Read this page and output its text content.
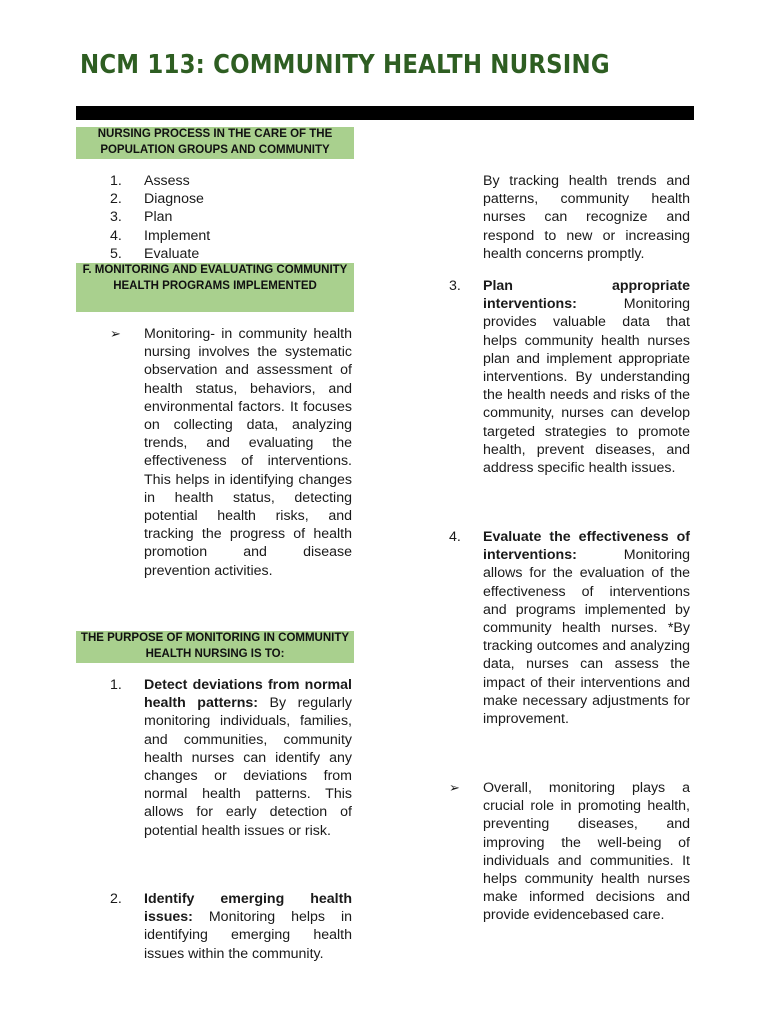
NCM 113: COMMUNITY HEALTH NURSING
NURSING PROCESS IN THE CARE OF THE POPULATION GROUPS AND COMMUNITY
1. Assess
2. Diagnose
3. Plan
4. Implement
5. Evaluate
F. MONITORING AND EVALUATING COMMUNITY HEALTH PROGRAMS IMPLEMENTED
➢ Monitoring- in community health nursing involves the systematic observation and assessment of health status, behaviors, and environmental factors. It focuses on collecting data, analyzing trends, and evaluating the effectiveness of interventions. This helps in identifying changes in health status, detecting potential health risks, and tracking the progress of health promotion and disease prevention activities.
THE PURPOSE OF MONITORING IN COMMUNITY HEALTH NURSING IS TO:
1. Detect deviations from normal health patterns: By regularly monitoring individuals, families, and communities, community health nurses can identify any changes or deviations from normal health patterns. This allows for early detection of potential health issues or risk.
2. Identify emerging health issues: Monitoring helps in identifying emerging health issues within the community.
By tracking health trends and patterns, community health nurses can recognize and respond to new or increasing health concerns promptly.
3. Plan appropriate interventions: Monitoring provides valuable data that helps community health nurses plan and implement appropriate interventions. By understanding the health needs and risks of the community, nurses can develop targeted strategies to promote health, prevent diseases, and address specific health issues.
4. Evaluate the effectiveness of interventions: Monitoring allows for the evaluation of the effectiveness of interventions and programs implemented by community health nurses. *By tracking outcomes and analyzing data, nurses can assess the impact of their interventions and make necessary adjustments for improvement.
➢ Overall, monitoring plays a crucial role in promoting health, preventing diseases, and improving the well-being of individuals and communities. It helps community health nurses make informed decisions and provide evidencebased care.
